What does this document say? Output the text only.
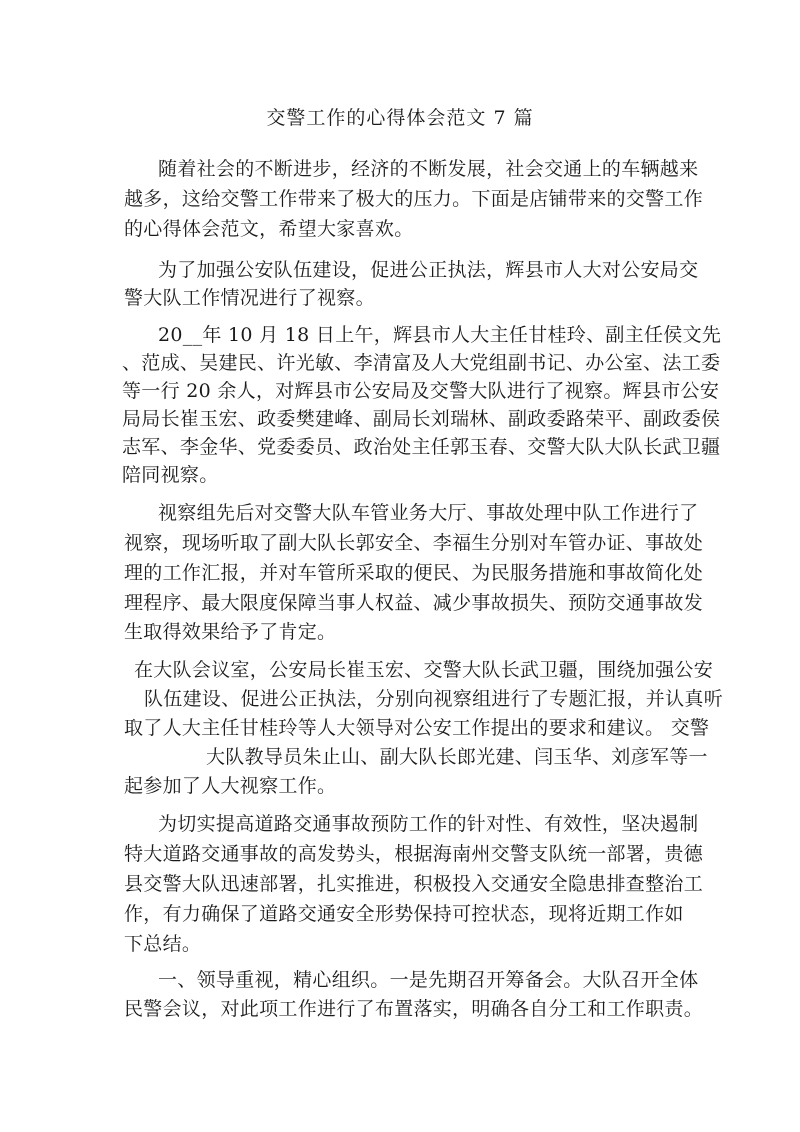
交警工作的心得体会范文 7 篇
随着社会的不断进步，经济的不断发展，社会交通上的车辆越来
越多，这给交警工作带来了极大的压力。下面是店铺带来的交警工作
的心得体会范文，希望大家喜欢。
为了加强公安队伍建设，促进公正执法，辉县市人大对公安局交
警大队工作情况进行了视察。
20__年 10 月 18 日上午，辉县市人大主任甘桂玲、副主任侯文先
、范成、吴建民、许光敏、李清富及人大党组副书记、办公室、法工委
等一行 20 余人，对辉县市公安局及交警大队进行了视察。辉县市公安
局局长崔玉宏、政委樊建峰、副局长刘瑞林、副政委路荣平、副政委侯
志军、李金华、党委委员、政治处主任郭玉春、交警大队大队长武卫疆
陪同视察。
视察组先后对交警大队车管业务大厅、事故处理中队工作进行了
视察，现场听取了副大队长郭安全、李福生分别对车管办证、事故处
理的工作汇报，并对车管所采取的便民、为民服务措施和事故简化处
理程序、最大限度保障当事人权益、减少事故损失、预防交通事故发
生取得效果给予了肯定。
在大队会议室，公安局长崔玉宏、交警大队长武卫疆，围绕加强公安
队伍建设、促进公正执法，分别向视察组进行了专题汇报，并认真听
取了人大主任甘桂玲等人大领导对公安工作提出的要求和建议。 交警
大队教导员朱止山、副大队长郎光建、闫玉华、刘彦军等一
起参加了人大视察工作。
为切实提高道路交通事故预防工作的针对性、有效性，坚决遏制
特大道路交通事故的高发势头，根据海南州交警支队统一部署，贵德
县交警大队迅速部署，扎实推进，积极投入交通安全隐患排查整治工
作，有力确保了道路交通安全形势保持可控状态，现将近期工作如
下总结。
一、领导重视，精心组织。一是先期召开筹备会。大队召开全体
民警会议，对此项工作进行了布置落实，明确各自分工和工作职责。
